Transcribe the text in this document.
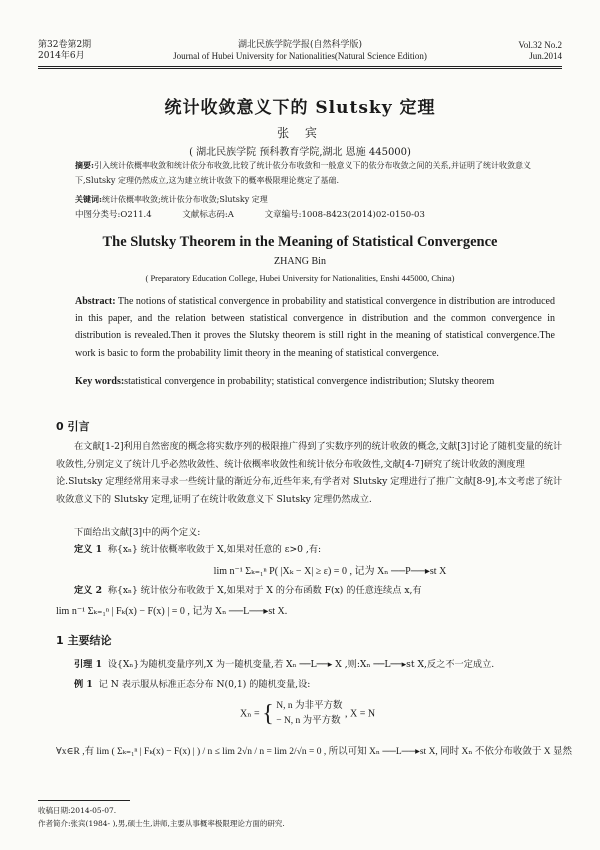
第32卷第2期
2014年6月
湖北民族学院学报(自然科学版)
Journal of Hubei University for Nationalities(Natural Science Edition)
Vol.32 No.2
Jun.2014
统计收敛意义下的 Slutsky 定理
张 宾
( 湖北民族学院 预科教育学院,湖北 恩施 445000)
摘要:引入统计依概率收敛和统计依分布收敛,比较了统计依分布收敛和一般意义下的依分布收敛之间的关系,并证明了统计收敛意义下,Slutsky 定理仍然成立,这为建立统计收敛下的概率极限理论奠定了基础.
关键词:统计依概率收敛;统计依分布收敛;Slutsky 定理
中图分类号:O211.4	文献标志码:A	文章编号:1008-8423(2014)02-0150-03
The Slutsky Theorem in the Meaning of Statistical Convergence
ZHANG Bin
( Preparatory Education College, Hubei University for Nationalities, Enshi 445000, China)
Abstract: The notions of statistical convergence in probability and statistical convergence in distribution are introduced in this paper, and the relation between statistical convergence in distribution and the common convergence in distribution is revealed.Then it proves the Slutsky theorem is still right in the meaning of statistical convergence.The work is basic to form the probability limit theory in the meaning of statistical convergence.
Key words:statistical convergence in probability; statistical convergence indistribution; Slutsky theorem
0 引言
在文献[1-2]利用自然密度的概念将实数序列的极限推广得到了实数序列的统计收敛的概念,文献[3]讨论了随机变量的统计收敛性,分别定义了统计几乎必然收敛性、统计依概率收敛性和统计依分布收敛性,文献[4-7]研究了统计收敛的测度理论.Slutsky 定理经常用来寻求一些统计量的渐近分布,近些年来,有学者对 Slutsky 定理进行了推广文献[8-9],本文考虑了统计收敛意义下的 Slutsky 定理,证明了在统计收敛意义下 Slutsky 定理仍然成立.
下面给出文献[3]中的两个定义:
定义 1 称{xₙ} 统计依概率收敛于 X,如果对任意的 ε>0 ,有:
lim n⁻¹ Σₖ₌₁ⁿ P( |Xₖ − X| ≥ ε) = 0 , 记为 Xₙ ──P──▸st X
定义 2 称{xₙ} 统计依分布收敛于 X,如果对于 X 的分布函数 F(x) 的任意连续点 x,有
lim n⁻¹ Σₖ₌₁ⁿ | Fₖ(x) − F(x) | = 0 , 记为 Xₙ ──L──▸st X.
1 主要结论
引理 1 设{Xₙ}为随机变量序列,X 为一随机变量,若 Xₙ ──L──▸ X ,则:Xₙ ──L──▸st X,反之不一定成立.
例 1 记 N 表示服从标准正态分布 N(0,1) 的随机变量,设:
Xₙ = { N, n 为非平方数
− N, n 为平方数
, X = N
∀x∈R ,有 lim ( Σₖ₌₁ⁿ | Fₖ(x) − F(x) | ) / n ≤ lim 2√n / n = lim 2/√n = 0 , 所以可知 Xₙ ──L──▸st X, 同时 Xₙ 不依分布收敛于 X 显然
收稿日期:2014-05-07.
作者简介:张宾(1984- ),男,硕士生,讲师,主要从事概率极限理论方面的研究.
